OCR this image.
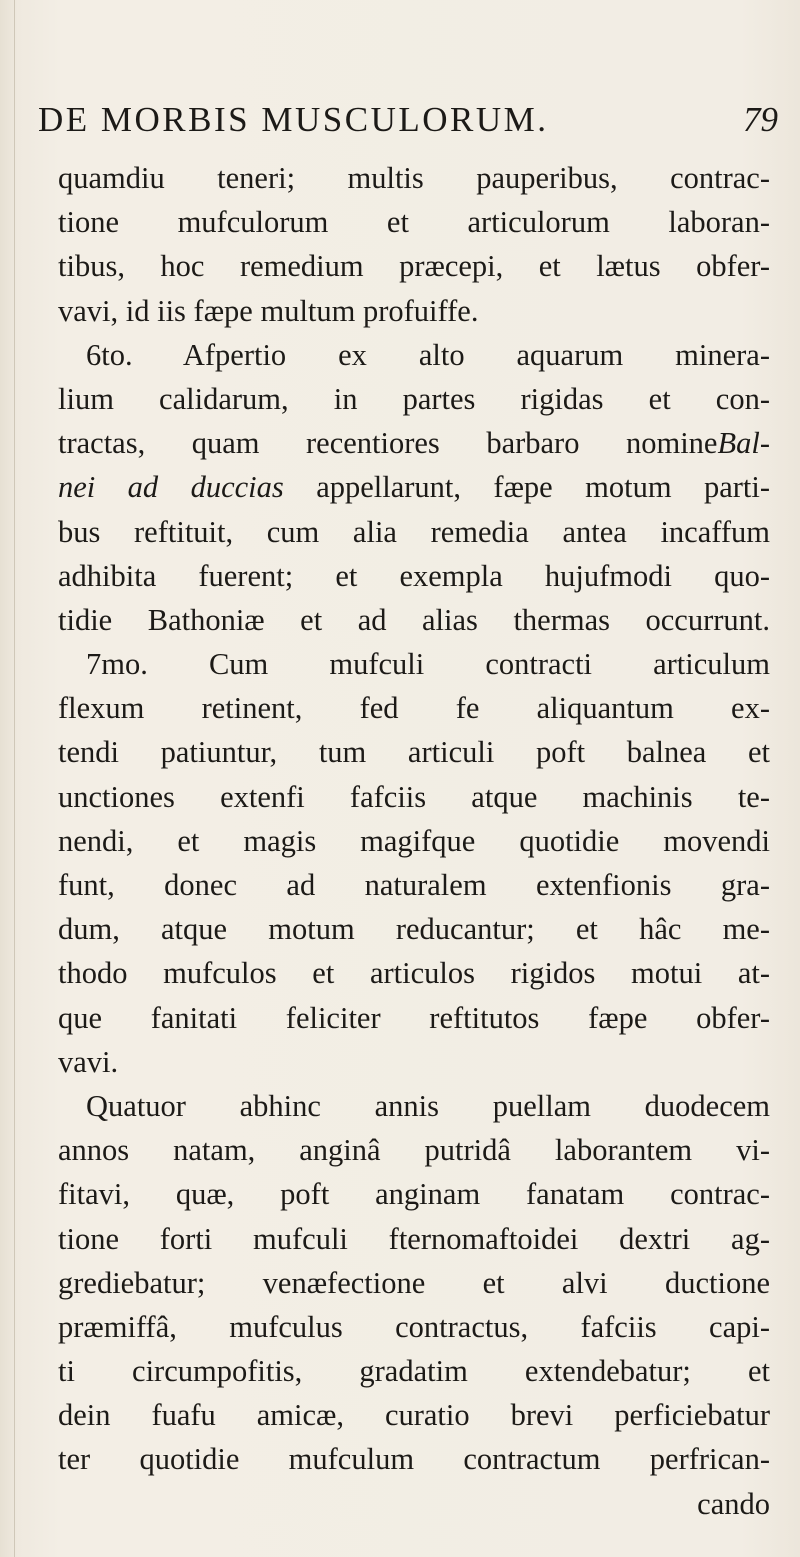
DE MORBIS MUSCULORUM.	79
quamdiu teneri; multis pauperibus, contrac-
tione mufculorum et articulorum laboran-
tibus, hoc remedium præcepi, et lætus obfer-
vavi, id iis fæpe multum profuiffe.
6to. Afpertio ex alto aquarum minera-
lium calidarum, in partes rigidas et con-
tractas, quam recentiores barbaro nomineBal-
nei ad duccias appellarunt, fæpe motum parti-
bus reftituit, cum alia remedia antea incaffum
adhibita fuerent; et exempla hujufmodi quo-
tidie Bathoniæ et ad alias thermas occurrunt.
7mo. Cum mufculi contracti articulum
flexum retinent, fed fe aliquantum ex-
tendi patiuntur, tum articuli poft balnea et
unctiones extenfi fafciis atque machinis te-
nendi, et magis magifque quotidie movendi
funt, donec ad naturalem extenfionis gra-
dum, atque motum reducantur; et hâc me-
thodo mufculos et articulos rigidos motui at-
que fanitati feliciter reftitutos fæpe obfer-
vavi.
Quatuor abhinc annis puellam duodecem
annos natam, anginâ putridâ laborantem vi-
fitavi, quæ, poft anginam fanatam contrac-
tione forti mufculi fternomaftoidei dextri ag-
grediebatur; venæfectione et alvi ductione
præmiffâ, mufculus contractus, fafciis capi-
ti circumpofitis, gradatim extendebatur; et
dein fuafu amicæ, curatio brevi perficiebatur
ter quotidie mufculum contractum perfrican-
cando
